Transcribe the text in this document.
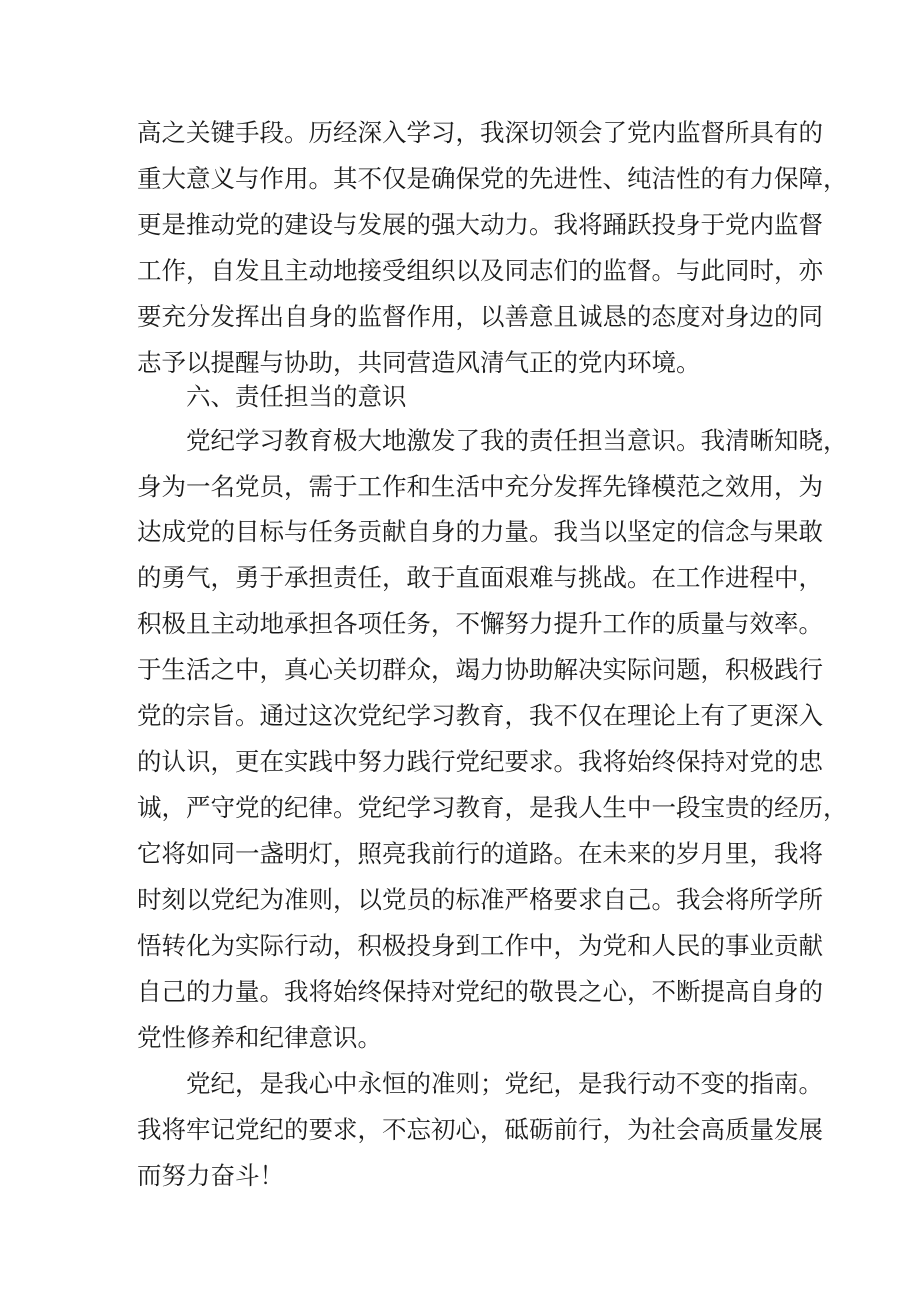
高之关键手段。历经深入学习，我深切领会了党内监督所具有的
重大意义与作用。其不仅是确保党的先进性、纯洁性的有力保障，
更是推动党的建设与发展的强大动力。我将踊跃投身于党内监督
工作，自发且主动地接受组织以及同志们的监督。与此同时，亦
要充分发挥出自身的监督作用，以善意且诚恳的态度对身边的同
志予以提醒与协助，共同营造风清气正的党内环境。
六、责任担当的意识
党纪学习教育极大地激发了我的责任担当意识。我清晰知晓，
身为一名党员，需于工作和生活中充分发挥先锋模范之效用，为
达成党的目标与任务贡献自身的力量。我当以坚定的信念与果敢
的勇气，勇于承担责任，敢于直面艰难与挑战。在工作进程中，
积极且主动地承担各项任务，不懈努力提升工作的质量与效率。
于生活之中，真心关切群众，竭力协助解决实际问题，积极践行
党的宗旨。通过这次党纪学习教育，我不仅在理论上有了更深入
的认识，更在实践中努力践行党纪要求。我将始终保持对党的忠
诚，严守党的纪律。党纪学习教育，是我人生中一段宝贵的经历，
它将如同一盏明灯，照亮我前行的道路。在未来的岁月里，我将
时刻以党纪为准则，以党员的标准严格要求自己。我会将所学所
悟转化为实际行动，积极投身到工作中，为党和人民的事业贡献
自己的力量。我将始终保持对党纪的敬畏之心，不断提高自身的
党性修养和纪律意识。
党纪，是我心中永恒的准则；党纪，是我行动不变的指南。
我将牢记党纪的要求，不忘初心，砥砺前行，为社会高质量发展
而努力奋斗！
